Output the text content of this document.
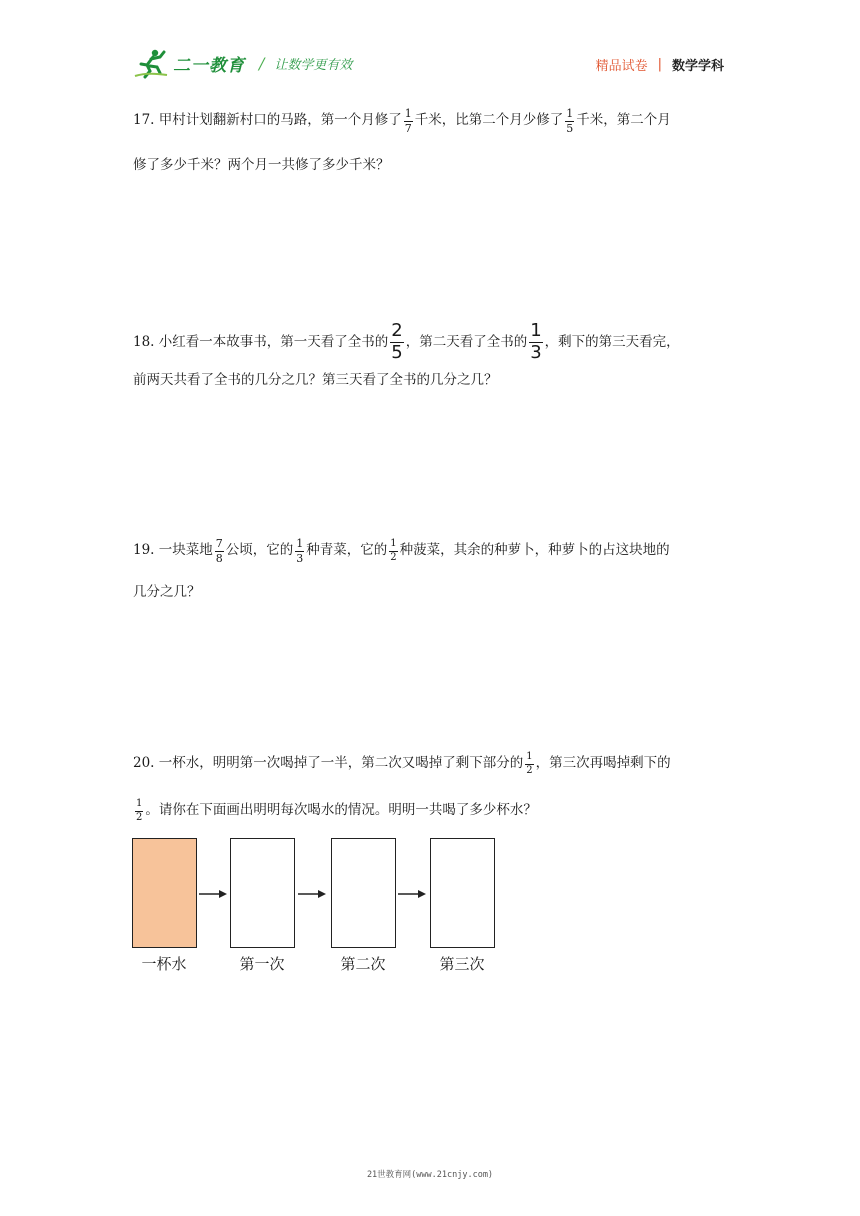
二一教育 / 让数学更有效	精品试卷 | 数学学科
17. 甲村计划翻新村口的马路，第一个月修了 $\frac{1}{7}$ 千米，比第二个月少修了 $\frac{1}{5}$ 千米，第二个月
修了多少千米？两个月一共修了多少千米？
18. 小红看一本故事书，第一天看了全书的 $\frac{2}{5}$ ， 第二天看了全书的 $\frac{1}{3}$ ， 剩下的第三天看完，
前两天共看了全书的几分之几？第三天看了全书的几分之几？
19. 一块菜地 $\frac{7}{8}$ 公顷，它的 $\frac{1}{3}$ 种青菜，它的 $\frac{1}{2}$ 种菠菜，其余的种萝卜，种萝卜的占这块地的
几分之几？
20. 一杯水，明明第一次喝掉了一半，第二次又喝掉了剩下部分的 $\frac{1}{2}$ ，第三次再喝掉剩下的
$\frac{1}{2}$ 。请你在下面画出明明每次喝水的情况。明明一共喝了多少杯水？
一杯水	第一次	第二次	第三次
21世教育网(www.21cnjy.com)
